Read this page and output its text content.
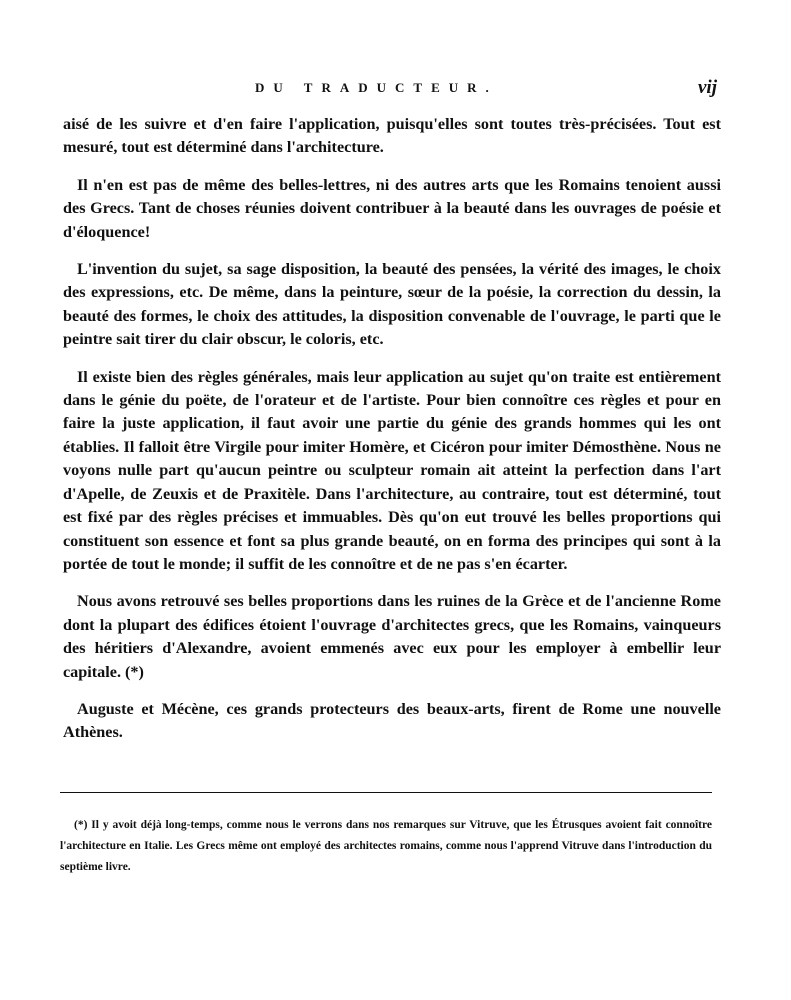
DU TRADUCTEUR.	vij

aisé de les suivre et d'en faire l'application, puisqu'elles sont toutes très-précisées. Tout est mesuré, tout est déterminé dans l'architecture.

Il n'en est pas de même des belles-lettres, ni des autres arts que les Romains tenoient aussi des Grecs. Tant de choses réunies doivent contribuer à la beauté dans les ouvrages de poésie et d'éloquence!

L'invention du sujet, sa sage disposition, la beauté des pensées, la vérité des images, le choix des expressions, etc. De même, dans la peinture, sœur de la poésie, la correction du dessin, la beauté des formes, le choix des attitudes, la disposition convenable de l'ouvrage, le parti que le peintre sait tirer du clair obscur, le coloris, etc.

Il existe bien des règles générales, mais leur application au sujet qu'on traite est entièrement dans le génie du poëte, de l'orateur et de l'artiste. Pour bien connoître ces règles et pour en faire la juste application, il faut avoir une partie du génie des grands hommes qui les ont établies. Il falloit être Virgile pour imiter Homère, et Cicéron pour imiter Démosthène. Nous ne voyons nulle part qu'aucun peintre ou sculpteur romain ait atteint la perfection dans l'art d'Apelle, de Zeuxis et de Praxitèle. Dans l'architecture, au contraire, tout est déterminé, tout est fixé par des règles précises et immuables. Dès qu'on eut trouvé les belles proportions qui constituent son essence et font sa plus grande beauté, on en forma des principes qui sont à la portée de tout le monde; il suffit de les connoître et de ne pas s'en écarter.

Nous avons retrouvé ses belles proportions dans les ruines de la Grèce et de l'ancienne Rome dont la plupart des édifices étoient l'ouvrage d'architectes grecs, que les Romains, vainqueurs des héritiers d'Alexandre, avoient emmenés avec eux pour les employer à embellir leur capitale. (*)

Auguste et Mécène, ces grands protecteurs des beaux-arts, firent de Rome une nouvelle Athènes.

(*) Il y avoit déjà long-temps, comme nous le verrons dans nos remarques sur Vitruve, que les Étrusques avoient fait connoître l'architecture en Italie. Les Grecs même ont employé des architectes romains, comme nous l'apprend Vitruve dans l'introduction du septième livre.
